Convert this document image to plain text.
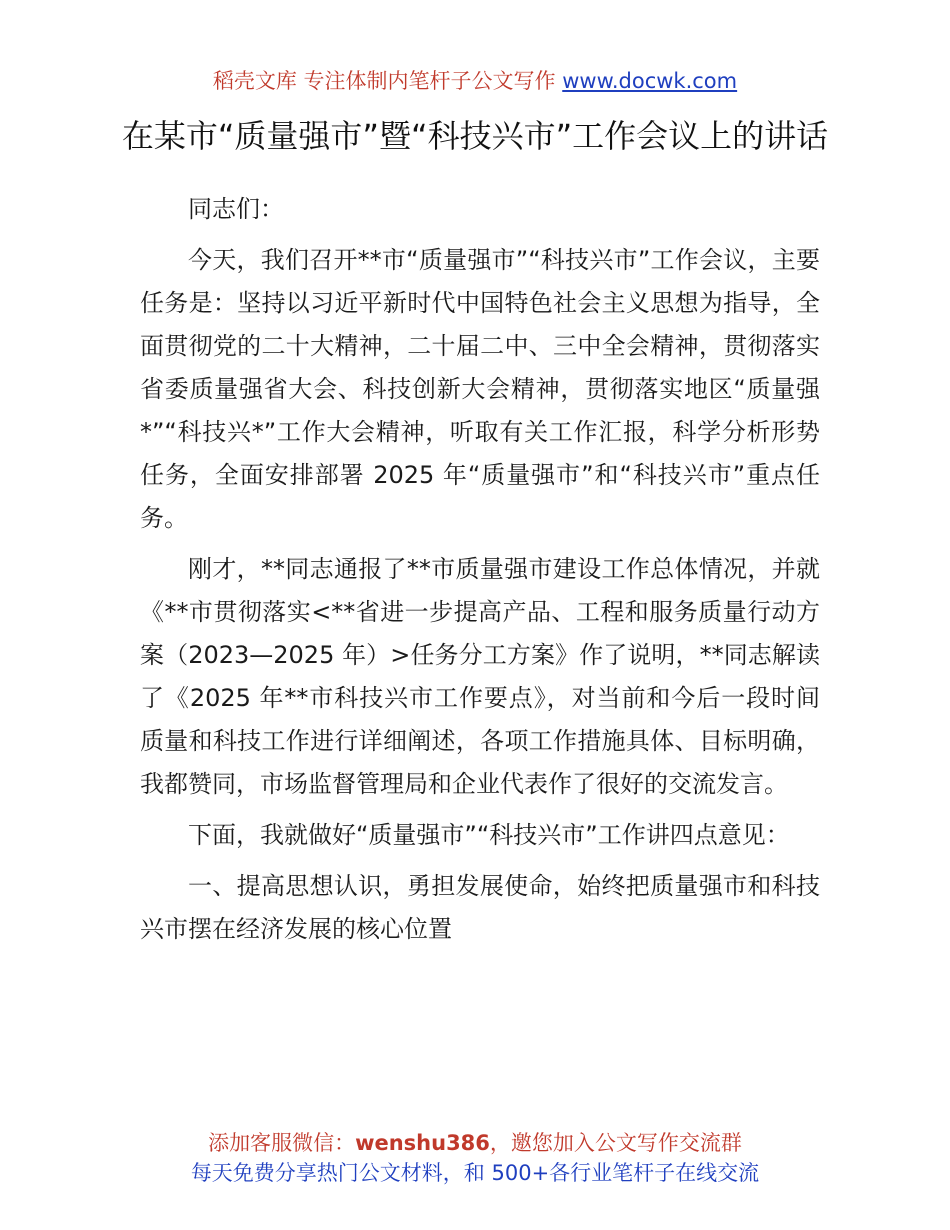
稻壳文库 专注体制内笔杆子公文写作 www.docwk.com
在某市“质量强市”暨“科技兴市”工作会议上的讲话

同志们：

今天，我们召开**市“质量强市”“科技兴市”工作会议，主要任务是：坚持以习近平新时代中国特色社会主义思想为指导，全面贯彻党的二十大精神，二十届二中、三中全会精神，贯彻落实省委质量强省大会、科技创新大会精神，贯彻落实地区“质量强*”“科技兴*”工作大会精神，听取有关工作汇报，科学分析形势任务，全面安排部署 2025 年“质量强市”和“科技兴市”重点任务。

刚才，**同志通报了**市质量强市建设工作总体情况，并就《**市贯彻落实<**省进一步提高产品、工程和服务质量行动方案（2023—2025 年）>任务分工方案》作了说明，**同志解读了《2025 年**市科技兴市工作要点》，对当前和今后一段时间质量和科技工作进行详细阐述，各项工作措施具体、目标明确，我都赞同，市场监督管理局和企业代表作了很好的交流发言。

下面，我就做好“质量强市”“科技兴市”工作讲四点意见：

一、提高思想认识，勇担发展使命，始终把质量强市和科技兴市摆在经济发展的核心位置

添加客服微信：wenshu386，邀您加入公文写作交流群
每天免费分享热门公文材料，和 500+各行业笔杆子在线交流
